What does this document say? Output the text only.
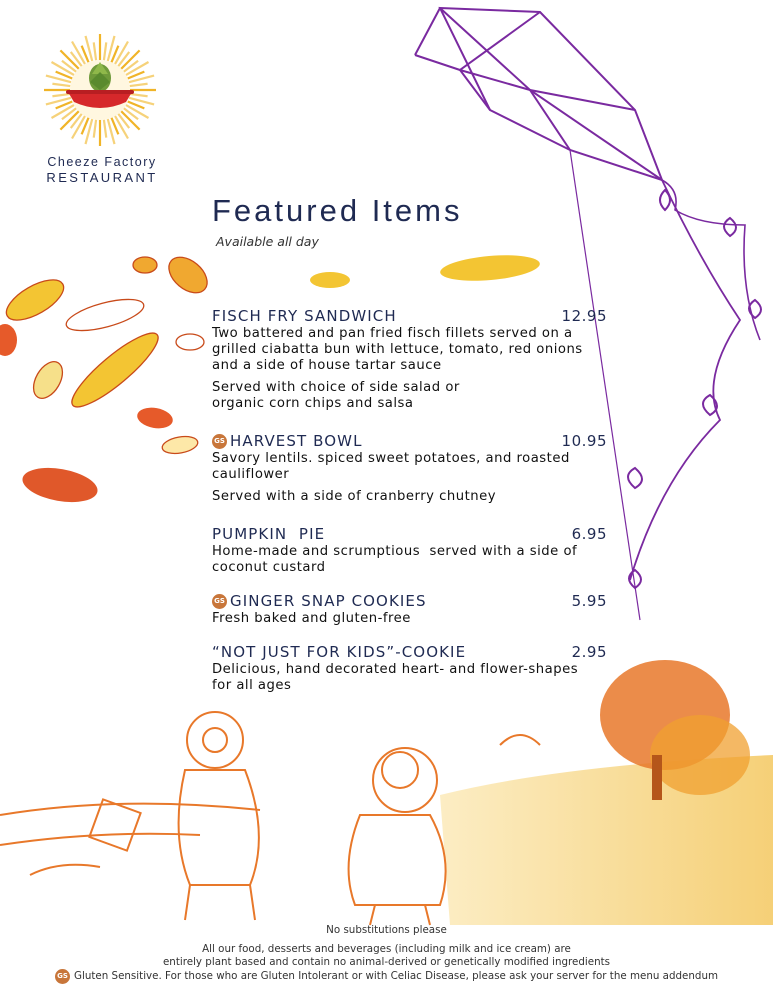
Cheeze Factory
RESTAURANT
Featured Items
Available all day
FISCH FRY SANDWICH	12.95
Two battered and pan fried fisch fillets served on a
grilled ciabatta bun with lettuce, tomato, red onions
and a side of house tartar sauce
Served with choice of side salad or
organic corn chips and salsa
GS HARVEST BOWL	10.95
Savory lentils. spiced sweet potatoes, and roasted
cauliflower
Served with a side of cranberry chutney
PUMPKIN  PIE	6.95
Home-made and scrumptious  served with a side of
coconut custard
GS GINGER SNAP COOKIES	5.95
Fresh baked and gluten-free
“NOT JUST FOR KIDS”-COOKIE	2.95
Delicious, hand decorated heart- and flower-shapes
for all ages
No substitutions please
All our food, desserts and beverages (including milk and ice cream) are
entirely plant based and contain no animal-derived or genetically modified ingredients
GS Gluten Sensitive. For those who are Gluten Intolerant or with Celiac Disease, please ask your server for the menu addendum
